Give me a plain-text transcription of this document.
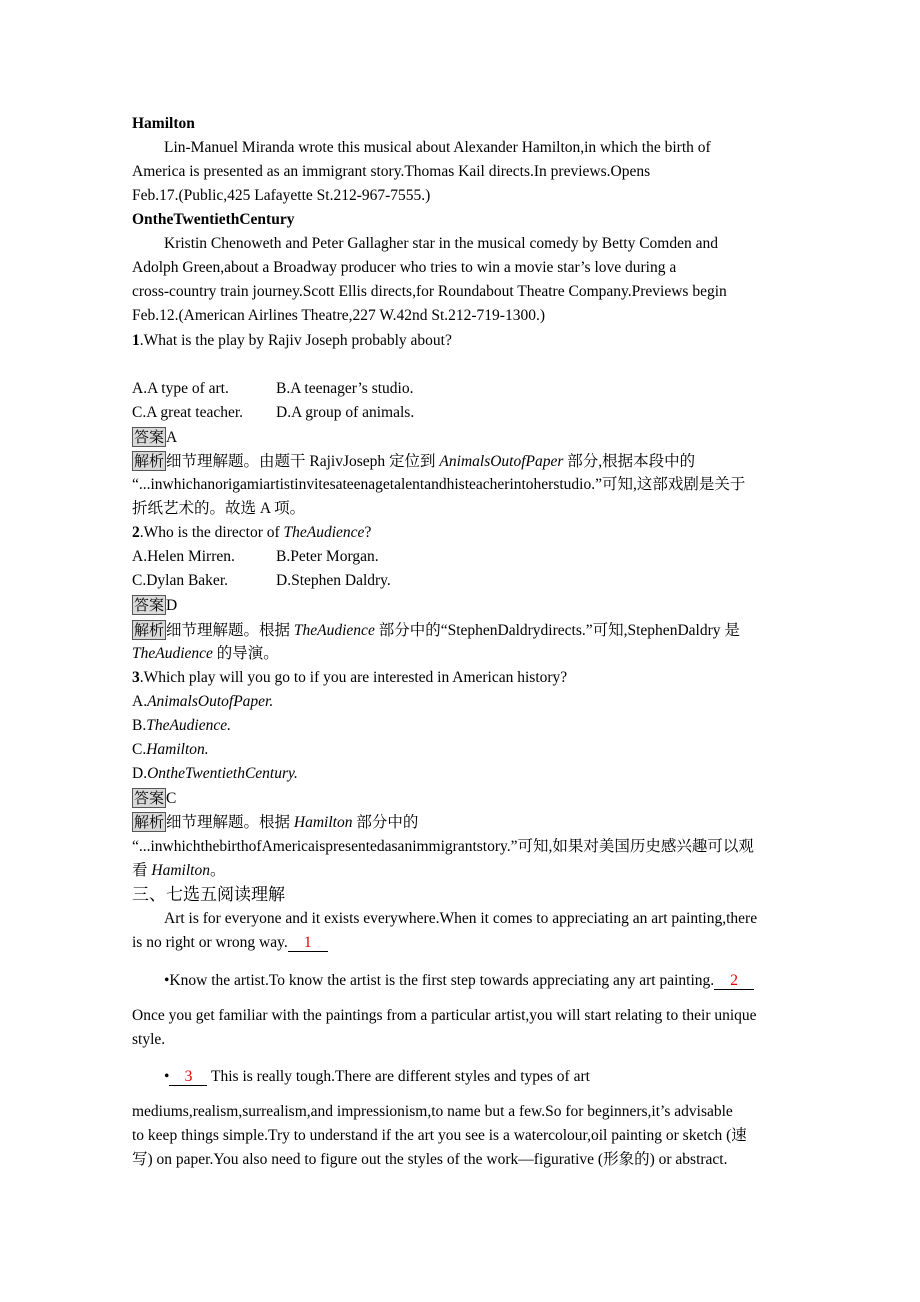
Hamilton
Lin-Manuel Miranda wrote this musical about Alexander Hamilton,in which the birth of
America is presented as an immigrant story.Thomas Kail directs.In previews.Opens
Feb.17.(Public,425 Lafayette St.212-967-7555.)
OntheTwentiethCentury
Kristin Chenoweth and Peter Gallagher star in the musical comedy by Betty Comden and
Adolph Green,about a Broadway producer who tries to win a movie star’s love during a
cross-country train journey.Scott Ellis directs,for Roundabout Theatre Company.Previews begin
Feb.12.(American Airlines Theatre,227 W.42nd St.212-719-1300.)
1.What is the play by Rajiv Joseph probably about?
A.A type of art.	B.A teenager’s studio.
C.A great teacher. D.A group of animals.
答案 A
解析 细节理解题。由题干 RajivJoseph 定位到 AnimalsOutofPaper 部分,根据本段中的
“...inwhichanorigamiartistinvitesateenagetalentandhisteacherintoherstudio.”可知,这部戏剧是关于
折纸艺术的。故选 A 项。
2.Who is the director of TheAudience?
A.Helen Mirren.	B.Peter Morgan.
C.Dylan Baker.	D.Stephen Daldry.
答案 D
解析 细节理解题。根据 TheAudience 部分中的“StephenDaldrydirects.”可知,StephenDaldry 是
TheAudience 的导演。
3.Which play will you go to if you are interested in American history?
A.AnimalsOutofPaper.
B.TheAudience.
C.Hamilton.
D.OntheTwentiethCentury.
答案 C
解析 细节理解题。根据 Hamilton 部分中的
“...inwhichthebirthofAmericaispresentedasanimmigrantstory.”可知,如果对美国历史感兴趣可以观
看 Hamilton。
三、七选五阅读理解
Art is for everyone and it exists everywhere.When it comes to appreciating an art painting,there
is no right or wrong way. 1
•Know the artist.To know the artist is the first step towards appreciating any art painting. 2
Once you get familiar with the paintings from a particular artist,you will start relating to their unique
style.
• 3 This is really tough.There are different styles and types of art
mediums,realism,surrealism,and impressionism,to name but a few.So for beginners,it’s advisable
to keep things simple.Try to understand if the art you see is a watercolour,oil painting or sketch (速
写) on paper.You also need to figure out the styles of the work—figurative (形象的) or abstract.
